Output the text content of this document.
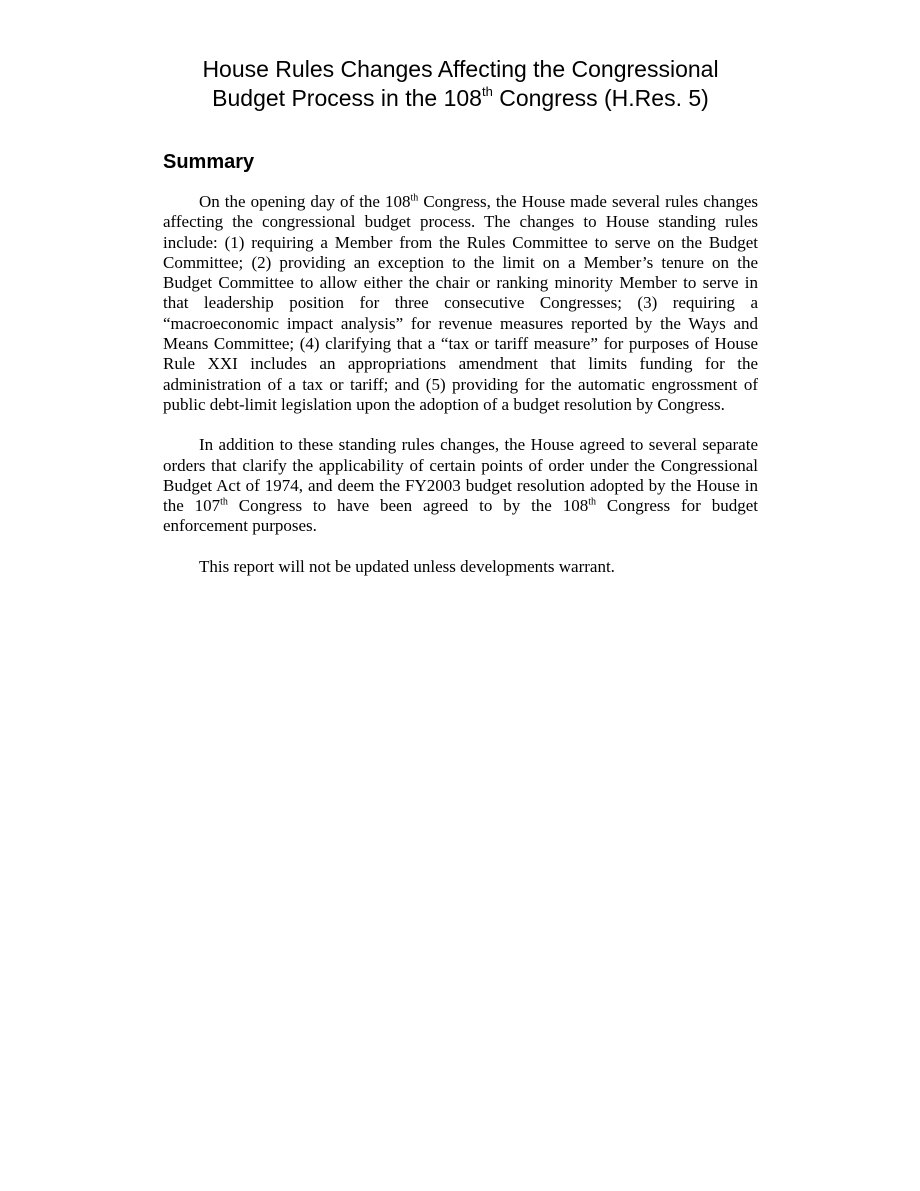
House Rules Changes Affecting the Congressional
Budget Process in the 108th Congress (H.Res. 5)
Summary

On the opening day of the 108th Congress, the House made several rules changes affecting the congressional budget process. The changes to House standing rules include: (1) requiring a Member from the Rules Committee to serve on the Budget Committee; (2) providing an exception to the limit on a Member’s tenure on the Budget Committee to allow either the chair or ranking minority Member to serve in that leadership position for three consecutive Congresses; (3) requiring a “macroeconomic impact analysis” for revenue measures reported by the Ways and Means Committee; (4) clarifying that a “tax or tariff measure” for purposes of House Rule XXI includes an appropriations amendment that limits funding for the administration of a tax or tariff; and (5) providing for the automatic engrossment of public debt-limit legislation upon the adoption of a budget resolution by Congress.

In addition to these standing rules changes, the House agreed to several separate orders that clarify the applicability of certain points of order under the Congressional Budget Act of 1974, and deem the FY2003 budget resolution adopted by the House in the 107th Congress to have been agreed to by the 108th Congress for budget enforcement purposes.

This report will not be updated unless developments warrant.
